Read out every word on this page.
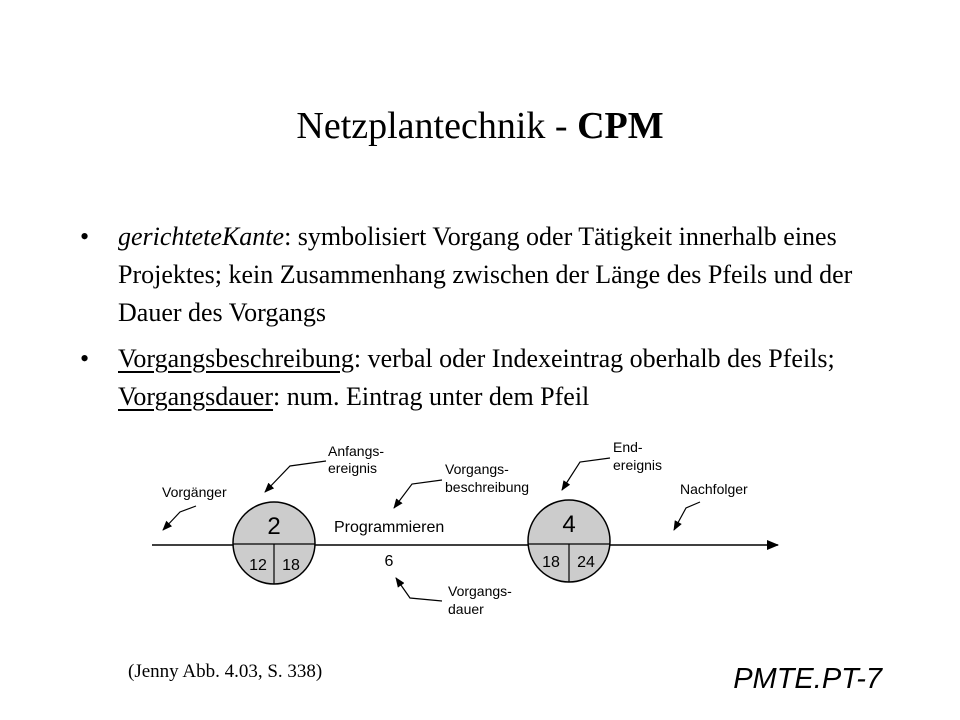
Netzplantechnik - CPM
• gerichteteKante: symbolisiert Vorgang oder Tätigkeit innerhalb eines Projektes; kein Zusammenhang zwischen der Länge des Pfeils und der Dauer des Vorgangs
• Vorgangsbeschreibung: verbal oder Indexeintrag oberhalb des Pfeils; Vorgangsdauer: num. Eintrag unter dem Pfeil
2
12 18
4
18 24
Programmieren
6
Vorgänger
Anfangs-
ereignis	Vorgangs-
beschreibung
End-
ereignis
Nachfolger
Vorgangs-
dauer
(Jenny Abb. 4.03, S. 338)	PMTE.PT-7
